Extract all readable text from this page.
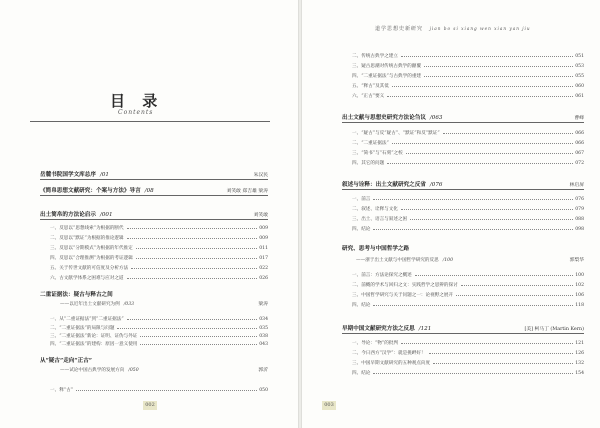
目 录
Contents
岳麓书院国学文库总序 /01	朱汉民
《简帛思想文献研究：个案与方法》导言 /08	刘笑敢 郑吉雄 梁涛
出土简帛的方法论启示 /001	刘笑敢
一、反思以“思想线索”为根据的断代	009
二、反思以“默证”为根据的推论逻辑	009
三、反思以“分期模式”为根据的年代推定	011
四、反思以“合理推测”为根据的考证逻辑	017
五、关于传世文献的可信度及分析方法	022
六、古文献学体系之困难与应对之道	026
二重证据法：疑古与释古之间
——以近年出土文献研究为例 /033	梁涛
一、从“二重证据法”到“二重证据法”	034
二、“二重证据法”的局限与问题	035
三、“二重证据法”新论：证明、证伪与外证	038
四、“二重证据法”的建构：原因一意义使用	043
从“疑古”走向“正古”
——试论中国古典学的发展方向 /050	郭沂
一、释“古”	050
002
二、传统古典学之建立	051
三、疑古思潮对传统古典学的颠覆	053
四、“二重证据法”与古典学的重建	055
五、“释古”及其低	060
六、“正古”要义	061
出土文献与思想史研究方法论刍议 /063	曹峰
一、“疑古”与反“疑古”、“默证”和反“默证”	066
二、“二重证据法”	066
三、“简书”与“石刻”之校	067
四、其它的问题	072
叙述与诠释：出土文献研究之反省 /076	林启屏
一、前言	076
二、叙述、诠释与文化	079
三、出土、语言与叙述之困	088
四、结论	098
研究、思考与中国哲学之路
——浙于出土文献与中国哲学研究的反思 /100	郭梨华
一、前言：方法论探究之概述	100
二、前概的学术与回归之文：实践哲学之思辨的探讨	102
三、中国哲学研究与关于问题之一：论视野之展开	106
四、结论	118
早期中国文献研究方法之反思 /121	[美] 柯马丁 (Martin Kern)
一、导论：“物”的批判	121
二、今日西方“汉学”：就是挑衅好！	126
三、中国早期文献研究的五种观点向度	132
四、结论	154
003
道学思想史新研究 jian bo si xiang wen xian yan jiu
